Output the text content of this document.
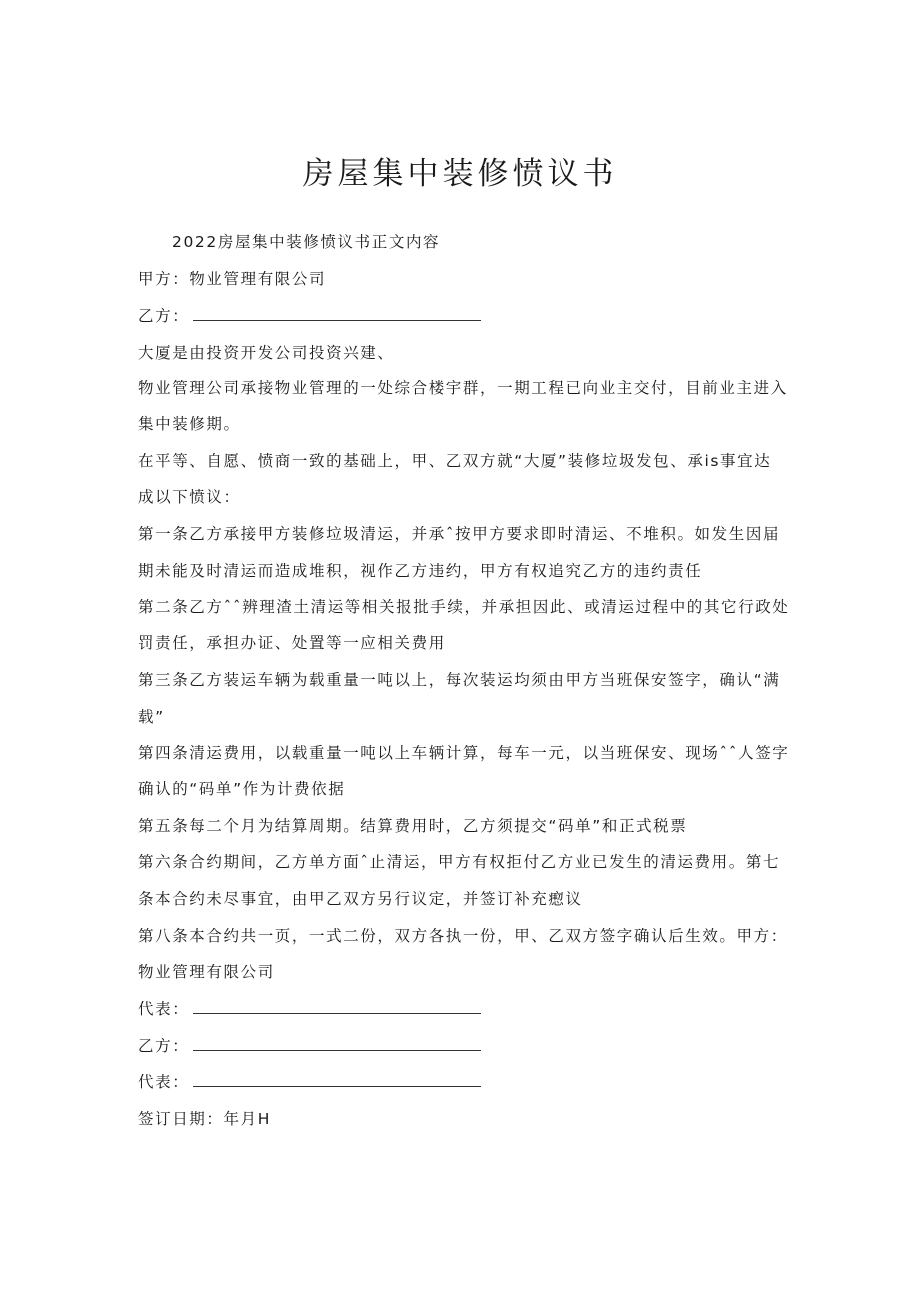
房屋集中装修愤议书
2022房屋集中装修愤议书正文内容
甲方：物业管理有限公司
乙方：
大厦是由投资开发公司投资兴建、
物业管理公司承接物业管理的一处综合楼宇群，一期工程已向业主交付，目前业主进入
集中装修期。
在平等、自愿、愤商一致的基础上，甲、乙双方就“大厦”装修垃圾发包、承is事宜达
成以下愤议：
第一条乙方承接甲方装修垃圾清运，并承ˆ按甲方要求即时清运、不堆积。如发生因届
期未能及时清运而造成堆积，视作乙方违约，甲方有权追究乙方的违约责任
第二条乙方ˆˆ辨理渣土清运等相关报批手续，并承担因此、或清运过程中的其它行政处
罚责任，承担办证、处置等一应相关费用
第三条乙方装运车辆为载重量一吨以上，每次装运均须由甲方当班保安签字，确认“满
载”
第四条清运费用，以载重量一吨以上车辆计算，每车一元，以当班保安、现场ˆˆ人签字
确认的“码单”作为计费依据
第五条每二个月为结算周期。结算费用时，乙方须提交“码单”和正式税票
第六条合约期间，乙方单方面ˆ止清运，甲方有权拒付乙方业已发生的清运费用。第七
条本合约未尽事宜，由甲乙双方另行议定，并签订补充瘛议
第八条本合约共一页，一式二份，双方各执一份，甲、乙双方签字确认后生效。甲方：
物业管理有限公司
代表：
乙方：
代表：
签订日期：年月H
